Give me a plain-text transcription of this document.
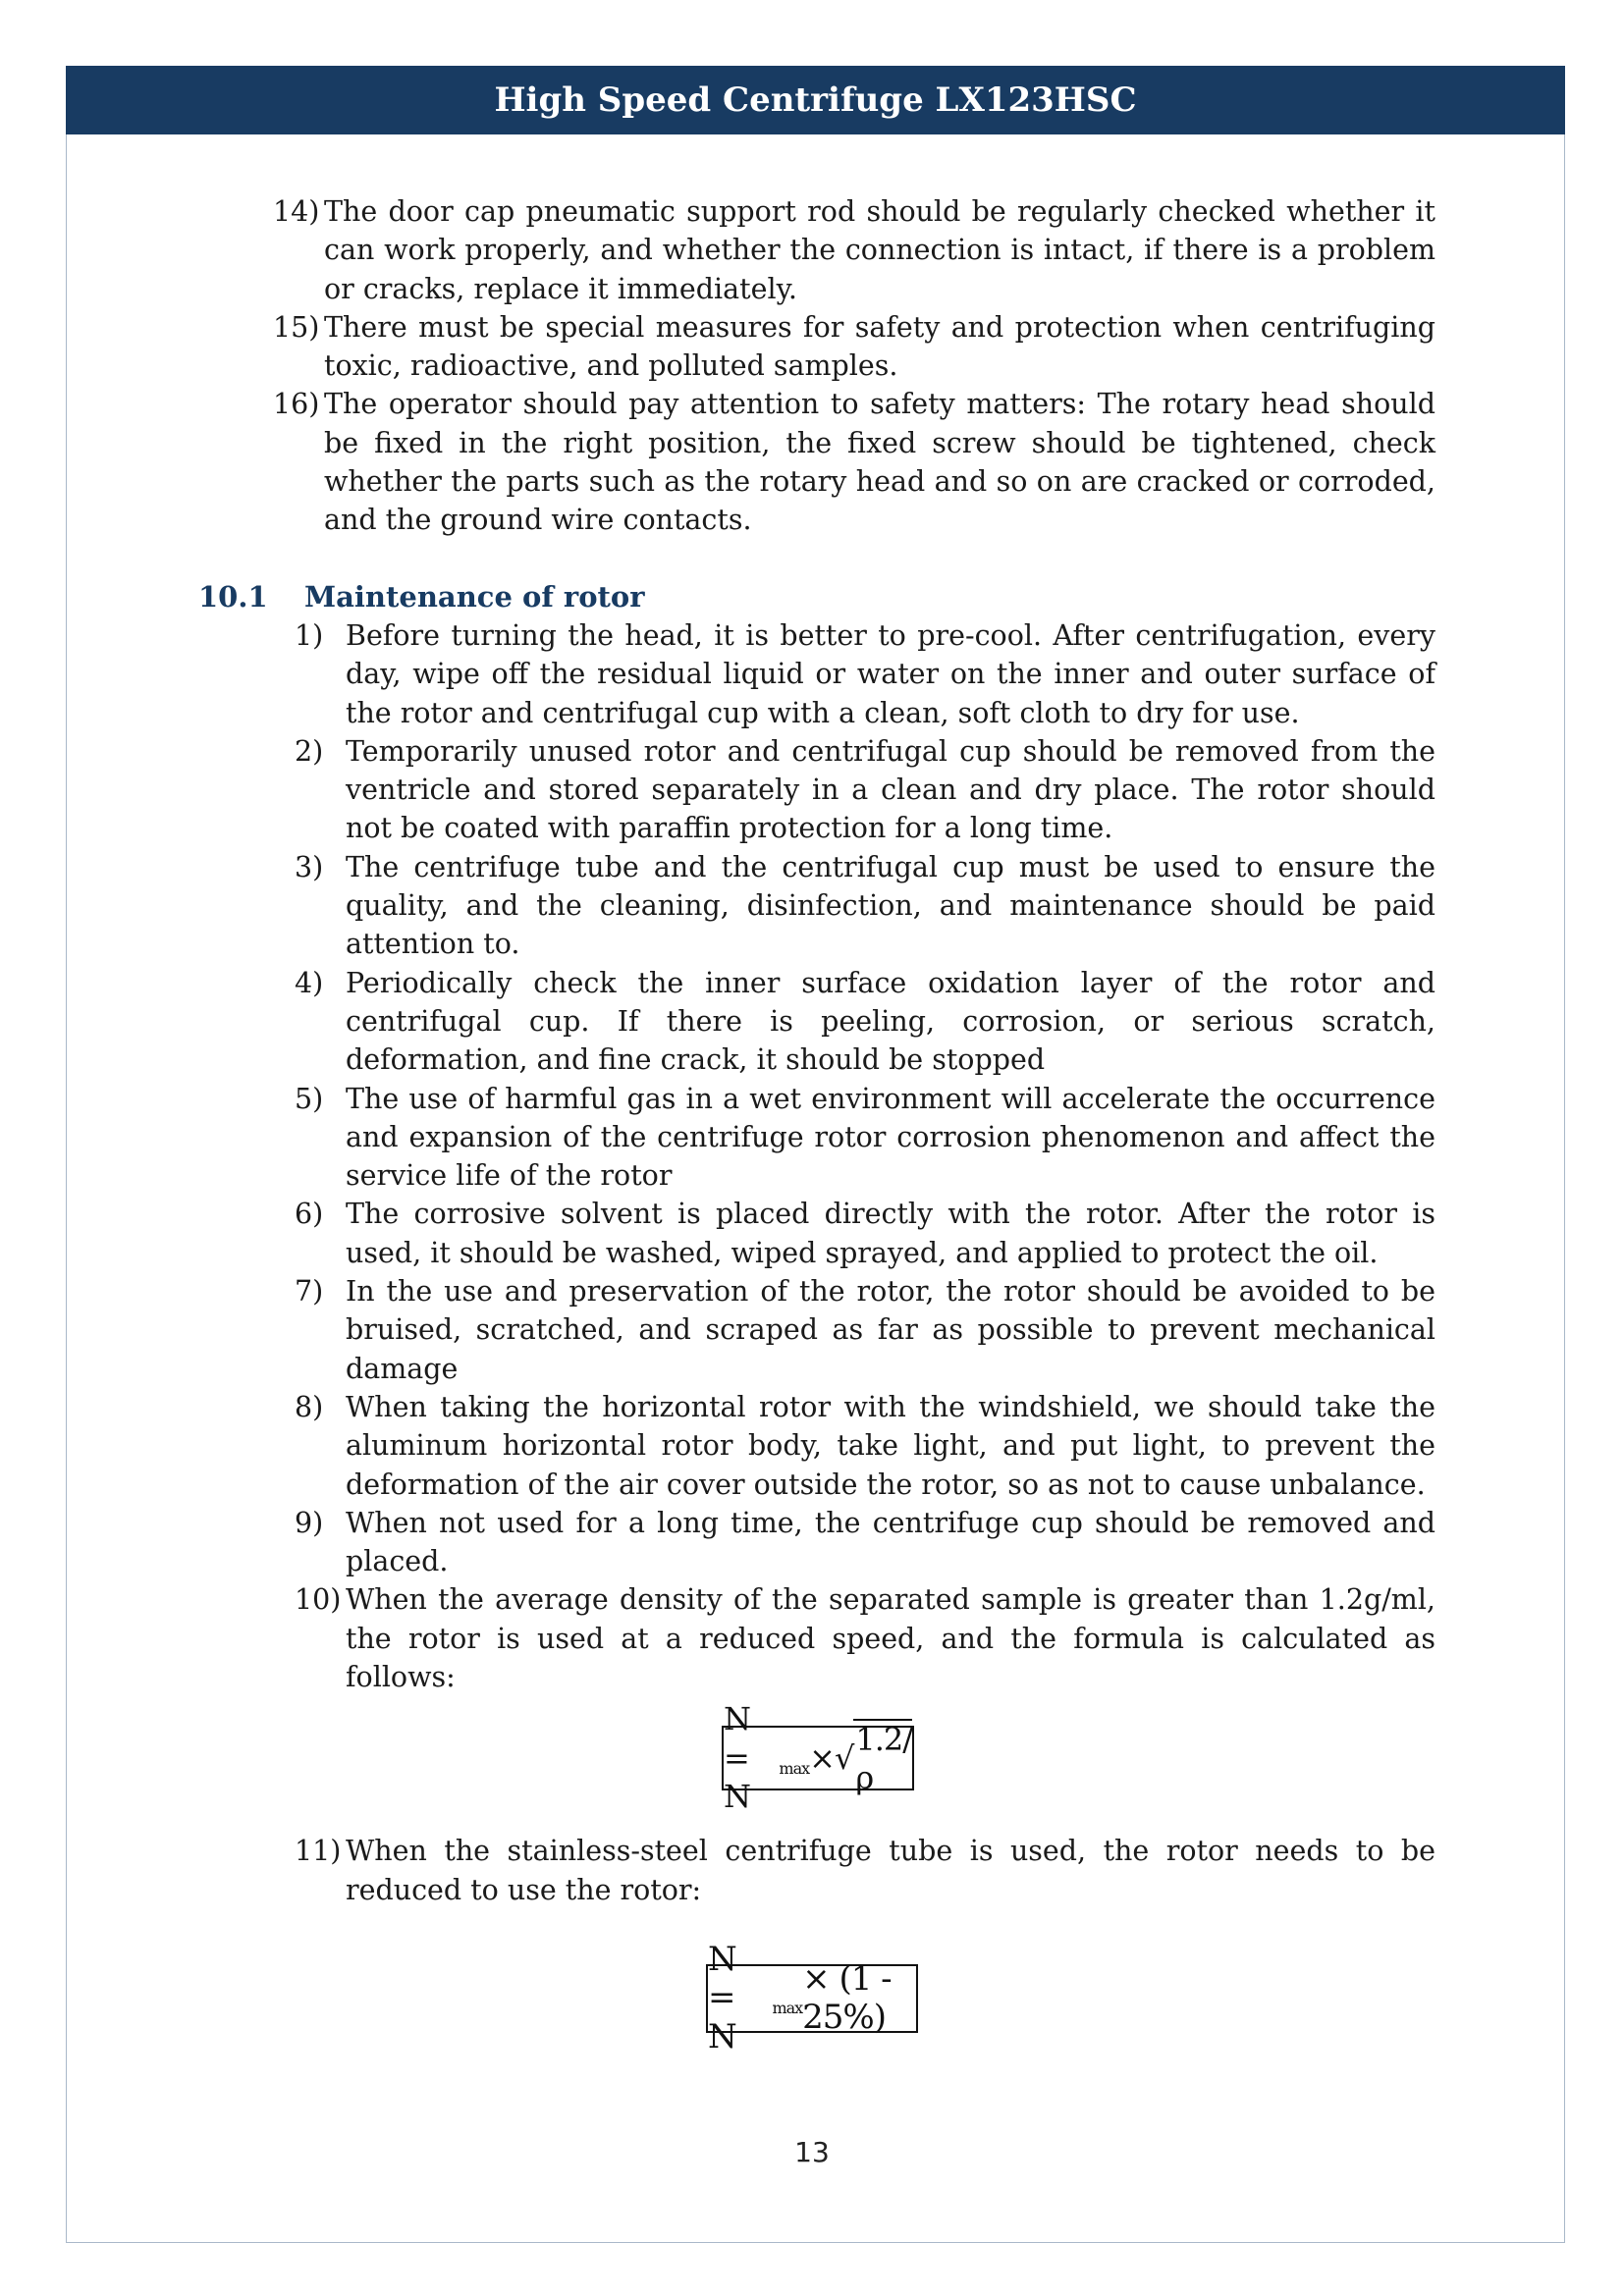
High Speed Centrifuge LX123HSC
14) The door cap pneumatic support rod should be regularly checked whether it can work properly, and whether the connection is intact, if there is a problem or cracks, replace it immediately.
15) There must be special measures for safety and protection when centrifuging toxic, radioactive, and polluted samples.
16) The operator should pay attention to safety matters: The rotary head should be fixed in the right position, the fixed screw should be tightened, check whether the parts such as the rotary head and so on are cracked or corroded, and the ground wire contacts.
10.1 Maintenance of rotor
1) Before turning the head, it is better to pre-cool. After centrifugation, every day, wipe off the residual liquid or water on the inner and outer surface of the rotor and centrifugal cup with a clean, soft cloth to dry for use.
2) Temporarily unused rotor and centrifugal cup should be removed from the ventricle and stored separately in a clean and dry place. The rotor should not be coated with paraffin protection for a long time.
3) The centrifuge tube and the centrifugal cup must be used to ensure the quality, and the cleaning, disinfection, and maintenance should be paid attention to.
4) Periodically check the inner surface oxidation layer of the rotor and centrifugal cup. If there is peeling, corrosion, or serious scratch, deformation, and fine crack, it should be stopped
5) The use of harmful gas in a wet environment will accelerate the occurrence and expansion of the centrifuge rotor corrosion phenomenon and affect the service life of the rotor
6) The corrosive solvent is placed directly with the rotor. After the rotor is used, it should be washed, wiped sprayed, and applied to protect the oil.
7) In the use and preservation of the rotor, the rotor should be avoided to be bruised, scratched, and scraped as far as possible to prevent mechanical damage
8) When taking the horizontal rotor with the windshield, we should take the aluminum horizontal rotor body, take light, and put light, to prevent the deformation of the air cover outside the rotor, so as not to cause unbalance.
9) When not used for a long time, the centrifuge cup should be removed and placed.
10) When the average density of the separated sample is greater than 1.2g/ml, the rotor is used at a reduced speed, and the formula is calculated as follows:
N = N
max × √ 1.2/ρ
11) When the stainless-steel centrifuge tube is used, the rotor needs to be reduced to use the rotor:
N = N
max
× (1 - 25%)
13
